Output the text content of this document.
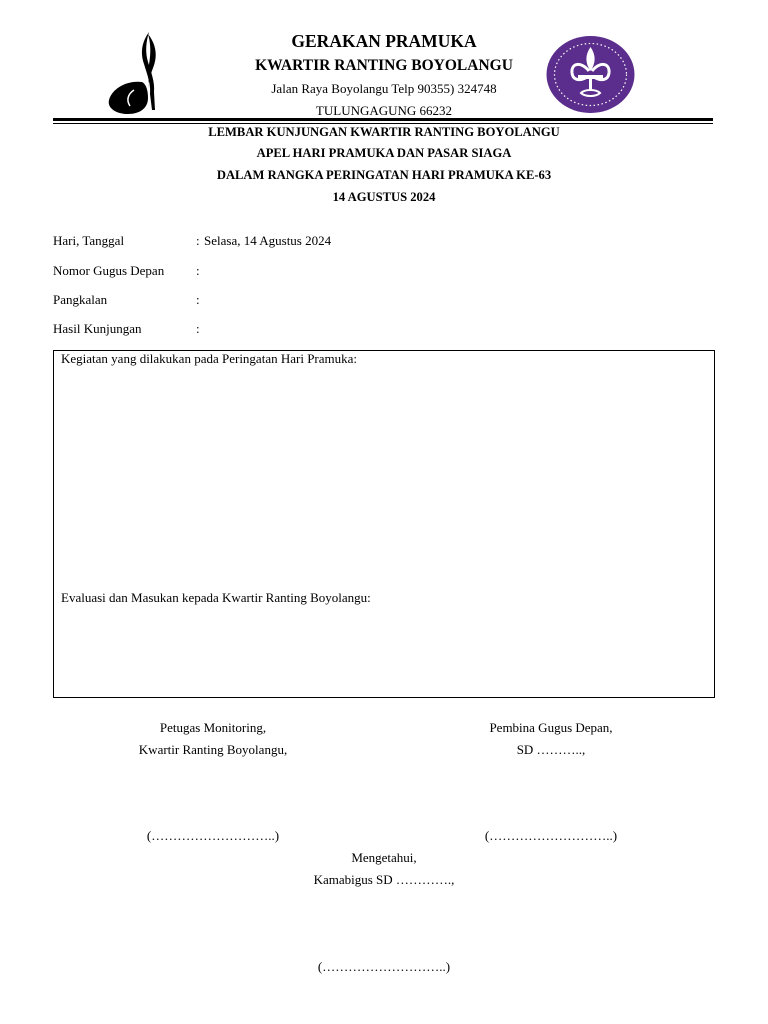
GERAKAN PRAMUKA
KWARTIR RANTING BOYOLANGU
Jalan Raya Boyolangu Telp 90355) 324748
TULUNGAGUNG 66232
LEMBAR KUNJUNGAN KWARTIR RANTING BOYOLANGU
APEL HARI PRAMUKA DAN PASAR SIAGA
DALAM RANGKA PERINGATAN HARI PRAMUKA KE-63
14 AGUSTUS 2024
Hari, Tanggal	: Selasa, 14 Agustus 2024
Nomor Gugus Depan :
Pangkalan	:
Hasil Kunjungan	:
Kegiatan yang dilakukan pada Peringatan Hari Pramuka:
Evaluasi dan Masukan kepada Kwartir Ranting Boyolangu:
Petugas Monitoring,
Kwartir Ranting Boyolangu,
(………………………..)
Pembina Gugus Depan,
SD ………..,
(………………………..)
Mengetahui,
Kamabigus SD ………….,
(………………………..)
